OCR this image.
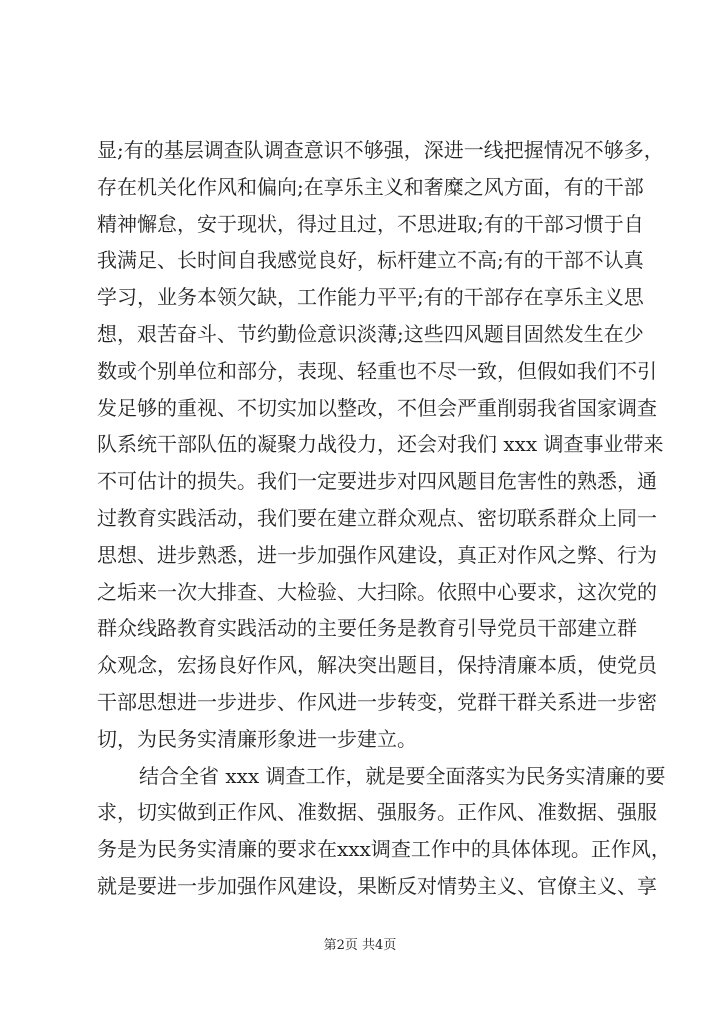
显;有的基层调查队调查意识不够强，深进一线把握情况不够多，
存在机关化作风和偏向;在享乐主义和奢糜之风方面，有的干部
精神懈怠，安于现状，得过且过，不思进取;有的干部习惯于自
我满足、长时间自我感觉良好，标杆建立不高;有的干部不认真
学习，业务本领欠缺，工作能力平平;有的干部存在享乐主义思
想，艰苦奋斗、节约勤俭意识淡薄;这些四风题目固然发生在少
数或个别单位和部分，表现、轻重也不尽一致，但假如我们不引
发足够的重视、不切实加以整改，不但会严重削弱我省国家调查
队系统干部队伍的凝聚力战役力，还会对我们 xxx 调查事业带来
不可估计的损失。我们一定要进步对四风题目危害性的熟悉，通
过教育实践活动，我们要在建立群众观点、密切联系群众上同一
思想、进步熟悉，进一步加强作风建设，真正对作风之弊、行为
之垢来一次大排查、大检验、大扫除。依照中心要求，这次党的
群众线路教育实践活动的主要任务是教育引导党员干部建立群
众观念，宏扬良好作风，解决突出题目，保持清廉本质，使党员
干部思想进一步进步、作风进一步转变，党群干群关系进一步密
切，为民务实清廉形象进一步建立。
结合全省 xxx 调查工作，就是要全面落实为民务实清廉的要
求，切实做到正作风、准数据、强服务。正作风、准数据、强服
务是为民务实清廉的要求在xxx调查工作中的具体体现。正作风，
就是要进一步加强作风建设，果断反对情势主义、官僚主义、享
第2页 共4页
